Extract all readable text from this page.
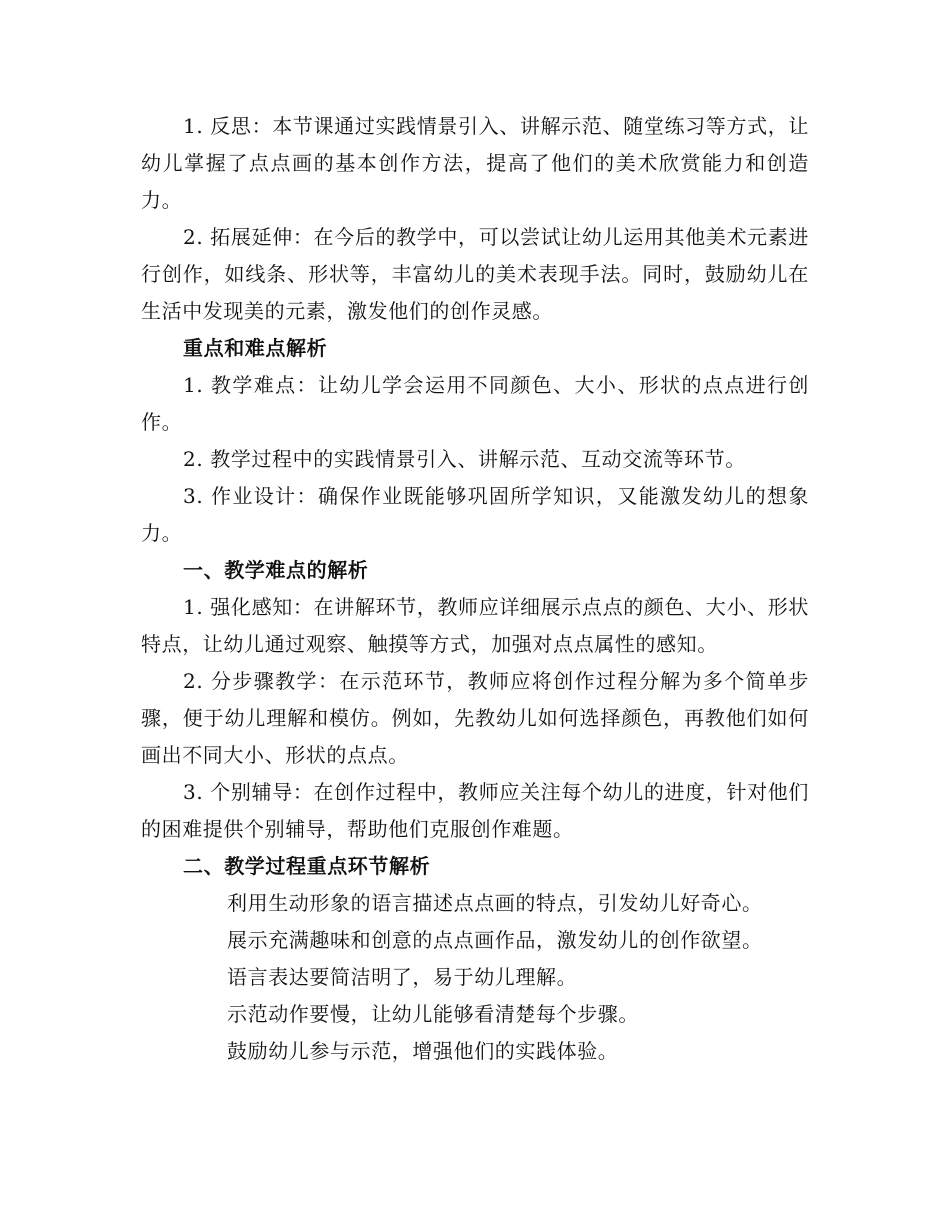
1. 反思：本节课通过实践情景引入、讲解示范、随堂练习等方式，让幼儿掌握了点点画的基本创作方法，提高了他们的美术欣赏能力和创造力。

2. 拓展延伸：在今后的教学中，可以尝试让幼儿运用其他美术元素进行创作，如线条、形状等，丰富幼儿的美术表现手法。同时，鼓励幼儿在生活中发现美的元素，激发他们的创作灵感。

重点和难点解析

1. 教学难点：让幼儿学会运用不同颜色、大小、形状的点点进行创作。

2. 教学过程中的实践情景引入、讲解示范、互动交流等环节。

3. 作业设计：确保作业既能够巩固所学知识，又能激发幼儿的想象力。

一、教学难点的解析

1. 强化感知：在讲解环节，教师应详细展示点点的颜色、大小、形状特点，让幼儿通过观察、触摸等方式，加强对点点属性的感知。

2. 分步骤教学：在示范环节，教师应将创作过程分解为多个简单步骤，便于幼儿理解和模仿。例如，先教幼儿如何选择颜色，再教他们如何画出不同大小、形状的点点。

3. 个别辅导：在创作过程中，教师应关注每个幼儿的进度，针对他们的困难提供个别辅导，帮助他们克服创作难题。

二、教学过程重点环节解析

利用生动形象的语言描述点点画的特点，引发幼儿好奇心。

展示充满趣味和创意的点点画作品，激发幼儿的创作欲望。

语言表达要简洁明了，易于幼儿理解。

示范动作要慢，让幼儿能够看清楚每个步骤。

鼓励幼儿参与示范，增强他们的实践体验。
